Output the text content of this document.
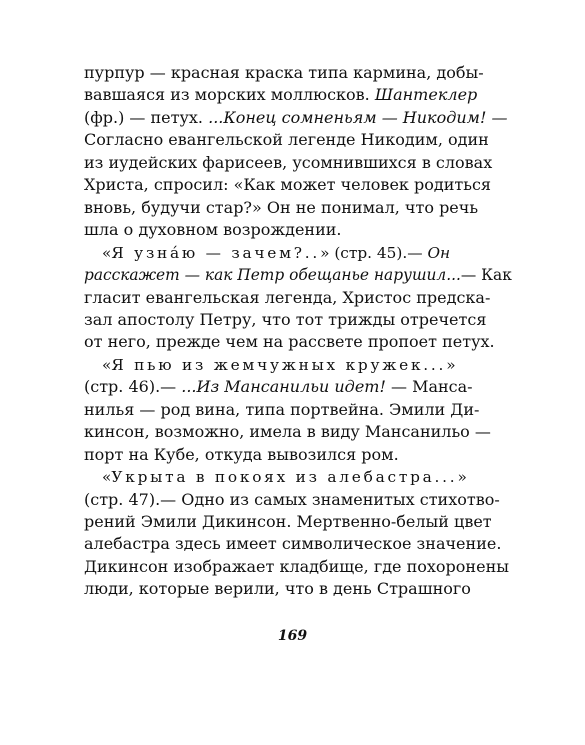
пурпур — красная краска типа кармина, добы-
вавшаяся из морских моллюсков. Шантеклер
(фр.) — петух. ...Конец сомненьям — Никодим! —
Согласно евангельской легенде Никодим, один
из иудейских фарисеев, усомнившихся в словах
Христа, спросил: «Как может человек родиться
вновь, будучи стар?» Он не понимал, что речь
шла о духовном возрождении.
«Я узна́ю — зачем?..» (стр. 45).— Он
расскажет — как Петр обещанье нарушил...— Как
гласит евангельская легенда, Христос предска-
зал апостолу Петру, что тот трижды отречется
от него, прежде чем на рассвете пропоет петух.
«Я пью из жемчужных кружек...»
(стр. 46).— ...Из Мансанильи идет! — Манса-
нилья — род вина, типа портвейна. Эмили Ди-
кинсон, возможно, имела в виду Мансанильо —
порт на Кубе, откуда вывозился ром.
«Укрыта в покоях из алебастра...»
(стр. 47).— Одно из самых знаменитых стихотво-
рений Эмили Дикинсон. Мертвенно-белый цвет
алебастра здесь имеет символическое значение.
Дикинсон изображает кладбище, где похоронены
люди, которые верили, что в день Страшного
169
